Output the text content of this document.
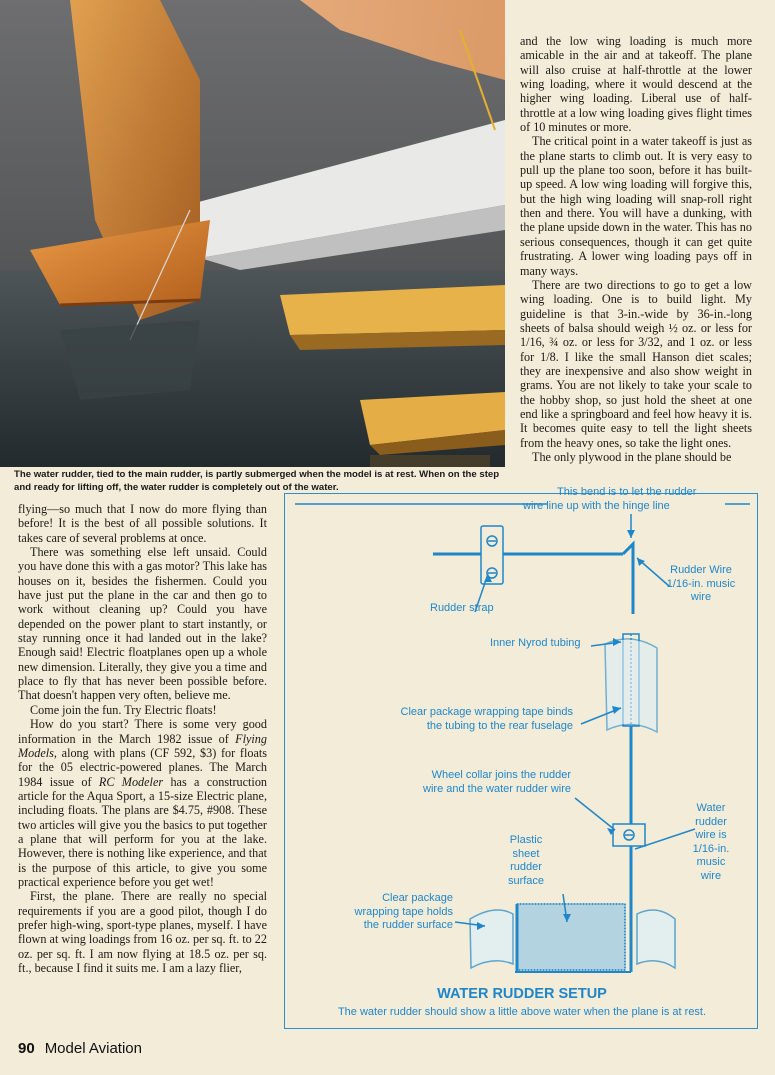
The water rudder, tied to the main rudder, is partly submerged when the model is at rest. When on the step and ready for lifting off, the water rudder is completely out of the water.

and the low wing loading is much more amicable in the air and at takeoff. The plane will also cruise at half-throttle at the lower wing loading, where it would descend at the higher wing loading. Liberal use of half-throttle at a low wing loading gives flight times of 10 minutes or more.

The critical point in a water takeoff is just as the plane starts to climb out. It is very easy to pull up the plane too soon, before it has built-up speed. A low wing loading will forgive this, but the high wing loading will snap-roll right then and there. You will have a dunking, with the plane upside down in the water. This has no serious consequences, though it can get quite frustrating. A lower wing loading pays off in many ways.

There are two directions to go to get a low wing loading. One is to build light. My guideline is that 3-in.-wide by 36-in.-long sheets of balsa should weigh ½ oz. or less for 1/16, ¾ oz. or less for 3/32, and 1 oz. or less for 1/8. I like the small Hanson diet scales; they are inexpensive and also show weight in grams. You are not likely to take your scale to the hobby shop, so just hold the sheet at one end like a springboard and feel how heavy it is. It becomes quite easy to tell the light sheets from the heavy ones, so take the light ones.

The only plywood in the plane should be

flying—so much that I now do more flying than before! It is the best of all possible solutions. It takes care of several problems at once.

There was something else left unsaid. Could you have done this with a gas motor? This lake has houses on it, besides the fishermen. Could you have just put the plane in the car and then go to work without cleaning up? Could you have depended on the power plant to start instantly, or stay running once it had landed out in the lake? Enough said! Electric floatplanes open up a whole new dimension. Literally, they give you a time and place to fly that has never been possible before. That doesn't happen very often, believe me.

Come join the fun. Try Electric floats!

How do you start? There is some very good information in the March 1982 issue of Flying Models, along with plans (CF 592, $3) for floats for the 05 electric-powered planes. The March 1984 issue of RC Modeler has a construction article for the Aqua Sport, a 15-size Electric plane, including floats. The plans are $4.75, #908. These two articles will give you the basics to put together a plane that will perform for you at the lake. However, there is nothing like experience, and that is the purpose of this article, to give you some practical experience before you get wet!

First, the plane. There are really no special requirements if you are a good pilot, though I do prefer high-wing, sport-type planes, myself. I have flown at wing loadings from 16 oz. per sq. ft. to 22 oz. per sq. ft. I am now flying at 18.5 oz. per sq. ft., because I find it suits me. I am a lazy flier,

This bend is to let the rudder
wire line up with the hinge line
Rudder strap
Rudder Wire
1/16-in. music
wire
Inner Nyrod tubing
Clear package wrapping tape binds
the tubing to the rear fuselage
Wheel collar joins the rudder
wire and the water rudder wire
Water
rudder
wire is
1/16-in.
music
wire
Plastic
sheet
rudder
surface
Clear package
wrapping tape holds
the rudder surface
WATER RUDDER SETUP
The water rudder should show a little above water when the plane is at rest.
90 Model Aviation
